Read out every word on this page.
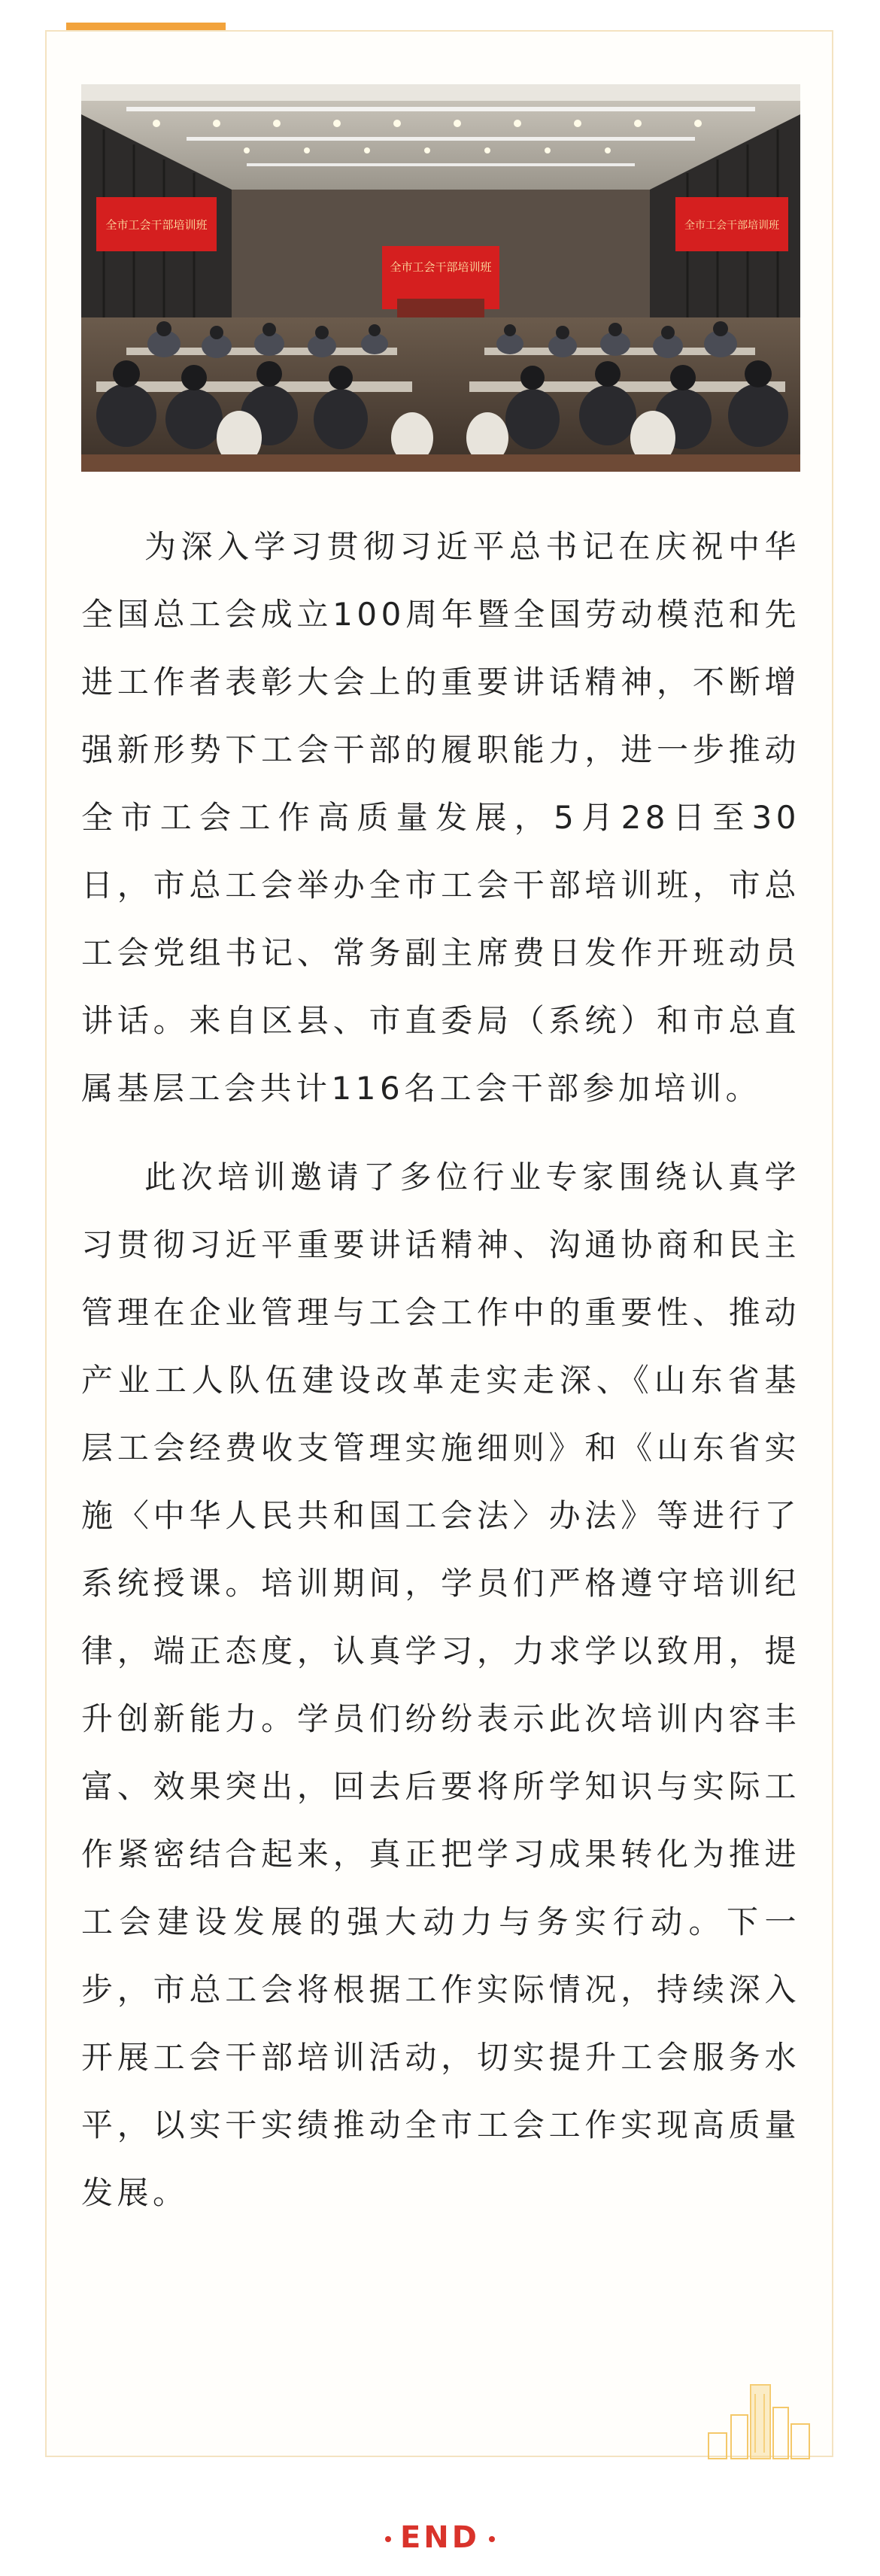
全市工会干部培训班
全市工会干部培训班
全市工会干部培训班

为深入学习贯彻习近平总书记在庆祝中华全国总工会成立100周年暨全国劳动模范和先进工作者表彰大会上的重要讲话精神，不断增强新形势下工会干部的履职能力，进一步推动全市工会工作高质量发展，5月28日至30日，市总工会举办全市工会干部培训班，市总工会党组书记、常务副主席费日发作开班动员讲话。来自区县、市直委局（系统）和市总直属基层工会共计116名工会干部参加培训。

此次培训邀请了多位行业专家围绕认真学习贯彻习近平重要讲话精神、沟通协商和民主管理在企业管理与工会工作中的重要性、推动产业工人队伍建设改革走实走深、《山东省基层工会经费收支管理实施细则》和《山东省实施〈中华人民共和国工会法〉办法》等进行了系统授课。培训期间，学员们严格遵守培训纪律，端正态度，认真学习，力求学以致用，提升创新能力。学员们纷纷表示此次培训内容丰富、效果突出，回去后要将所学知识与实际工作紧密结合起来，真正把学习成果转化为推进工会建设发展的强大动力与务实行动。下一步，市总工会将根据工作实际情况，持续深入开展工会干部培训活动，切实提升工会服务水平，以实干实绩推动全市工会工作实现高质量发展。

END
